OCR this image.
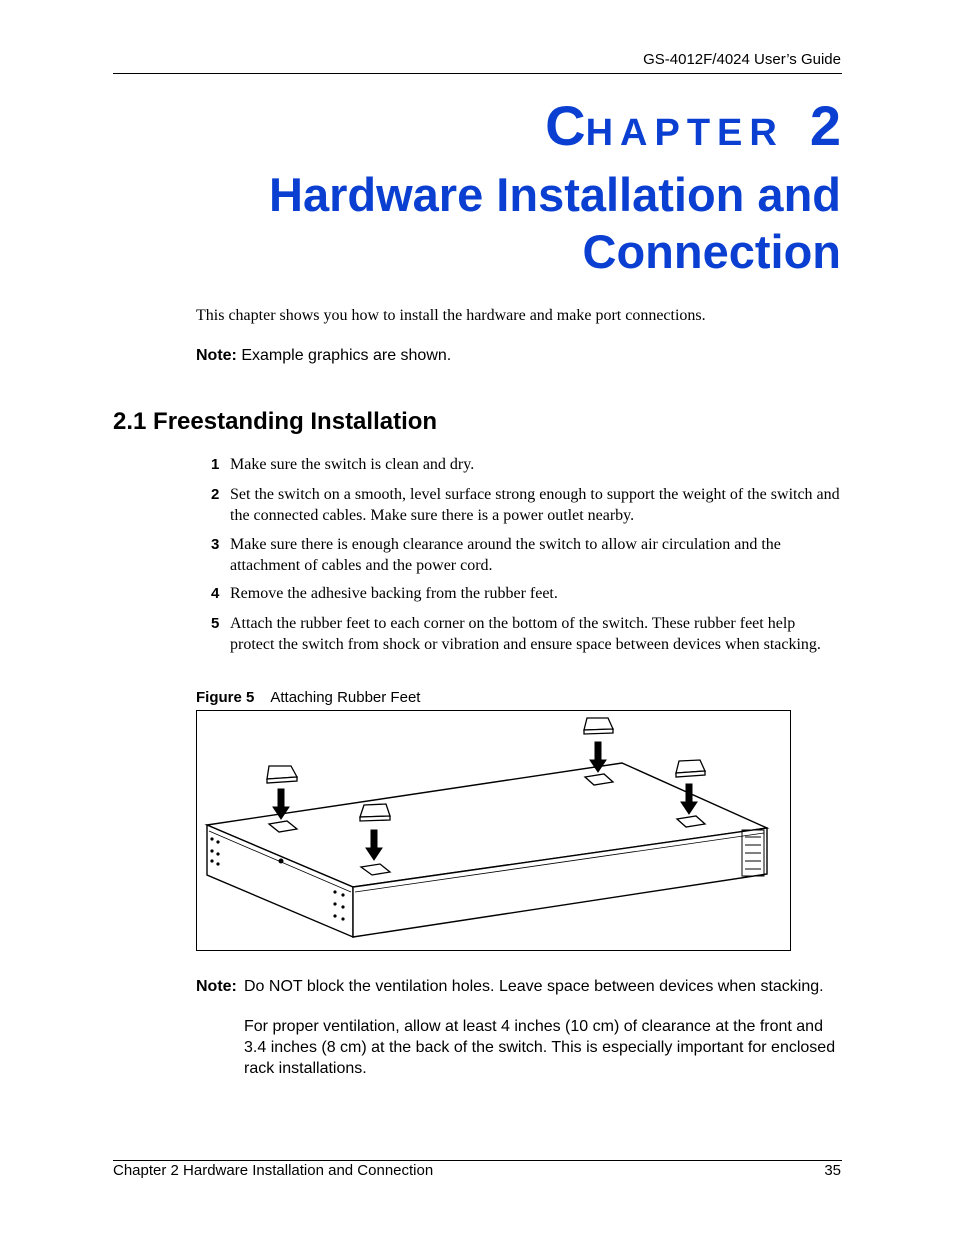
GS-4012F/4024 User’s Guide
CHAPTER 2
Hardware Installation and
Connection
This chapter shows you how to install the hardware and make port connections.
Note: Example graphics are shown.
2.1 Freestanding Installation
1 Make sure the switch is clean and dry.
2 Set the switch on a smooth, level surface strong enough to support the weight of the switch and the connected cables. Make sure there is a power outlet nearby.
3 Make sure there is enough clearance around the switch to allow air circulation and the attachment of cables and the power cord.
4 Remove the adhesive backing from the rubber feet.
5 Attach the rubber feet to each corner on the bottom of the switch. These rubber feet help protect the switch from shock or vibration and ensure space between devices when stacking.
Figure 5 Attaching Rubber Feet
Note: Do NOT block the ventilation holes. Leave space between devices when stacking.
For proper ventilation, allow at least 4 inches (10 cm) of clearance at the front and 3.4 inches (8 cm) at the back of the switch. This is especially important for enclosed rack installations.
Chapter 2 Hardware Installation and Connection	35
